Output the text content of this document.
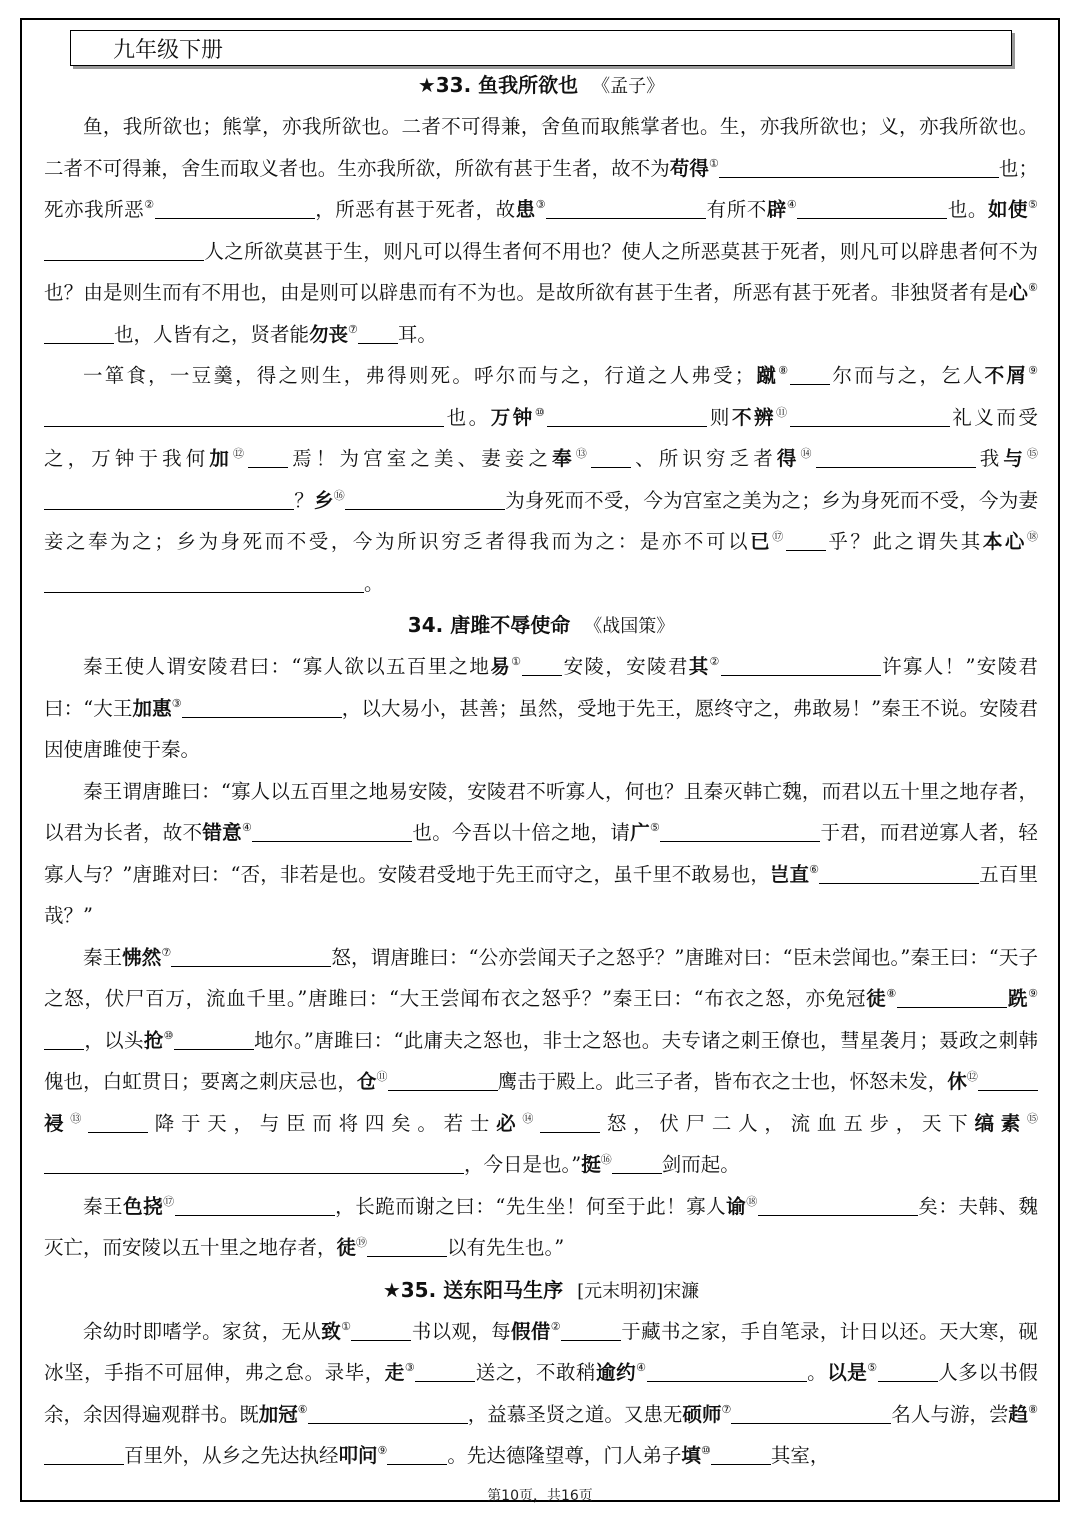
九年级下册
★33. 鱼我所欲也 《孟子》

鱼，我所欲也；熊掌，亦我所欲也。二者不可得兼，舍鱼而取熊掌者也。生，亦我所欲也；义，亦我所欲也。二者不可得兼，舍生而取义者也。生亦我所欲，所欲有甚于生者，故不为苟得①	也；死亦我所恶②	，所恶有甚于死者，故患③	有所不辟④	也。如使⑤人之所欲莫甚于生，则凡可以得生者何不用也？使人之所恶莫甚于死者，则凡可以辟患者何不为也？由是则生而有不用也，由是则可以辟患而有不为也。是故所欲有甚于生者，所恶有甚于死者。非独贤者有是心⑥也，人皆有之，贤者能勿丧⑦ 耳。

一箪食，一豆羹，得之则生，弗得则死。呼尔而与之，行道之人弗受；蹴⑧ 尔而与之，乞人不屑⑨也。万钟⑩	则不辨⑪	礼义而受之，万钟于我何加⑫ 焉！为宫室之美、妻妾之奉⑬ 、所识穷乏者得⑭	我与⑮？乡⑯	为身死而不受，今为宫室之美为之；乡为身死而不受，今为妻妾之奉为之；乡为身死而不受，今为所识穷乏者得我而为之：是亦不可以已⑰ 乎？此之谓失其本心⑱。

34. 唐雎不辱使命 《战国策》

秦王使人谓安陵君曰：“寡人欲以五百里之地易① 安陵，安陵君其②	许寡人！”安陵君曰：“大王加惠③	，以大易小，甚善；虽然，受地于先王，愿终守之，弗敢易！”秦王不说。安陵君因使唐雎使于秦。

秦王谓唐雎曰：“寡人以五百里之地易安陵，安陵君不听寡人，何也？且秦灭韩亡魏，而君以五十里之地存者，以君为长者，故不错意④	也。今吾以十倍之地，请广⑤	于君，而君逆寡人者，轻寡人与？”唐雎对曰：“否，非若是也。安陵君受地于先王而守之，虽千里不敢易也，岂直⑥	五百里哉？”

秦王怫然⑦	怒，谓唐雎曰：“公亦尝闻天子之怒乎？”唐雎对曰：“臣未尝闻也。”秦王曰：“天子之怒，伏尸百万，流血千里。”唐雎曰：“大王尝闻布衣之怒乎？”秦王曰：“布衣之怒，亦免冠徒⑧	跣⑨，以头抢⑩	地尔。”唐雎曰：“此庸夫之怒也，非士之怒也。夫专诸之刺王僚也，彗星袭月；聂政之刺韩傀也，白虹贯日；要离之刺庆忌也，仓⑪	鹰击于殿上。此三子者，皆布衣之士也，怀怒未发，休⑫祲⑬	降于天，与臣而将四矣。若士必⑭	怒，伏尸二人，流血五步，天下缟素⑮，今日是也。”挺⑯	剑而起。

秦王色挠⑰	，长跪而谢之曰：“先生坐！何至于此！寡人谕⑱	矣：夫韩、魏灭亡，而安陵以五十里之地存者，徒⑲	以有先生也。”

★35. 送东阳马生序 [元末明初]宋濂

余幼时即嗜学。家贫，无从致①	书以观，每假借②	于藏书之家，手自笔录，计日以还。天大寒，砚冰坚，手指不可屈伸，弗之怠。录毕，走③	送之，不敢稍逾约④	。以是⑤	人多以书假余，余因得遍观群书。既加冠⑥	，益慕圣贤之道。又患无硕师⑦	名人与游，尝趋⑧百里外，从乡之先达执经叩问⑨	。先达德隆望尊，门人弟子填⑩	其室，

第10页，共16页
